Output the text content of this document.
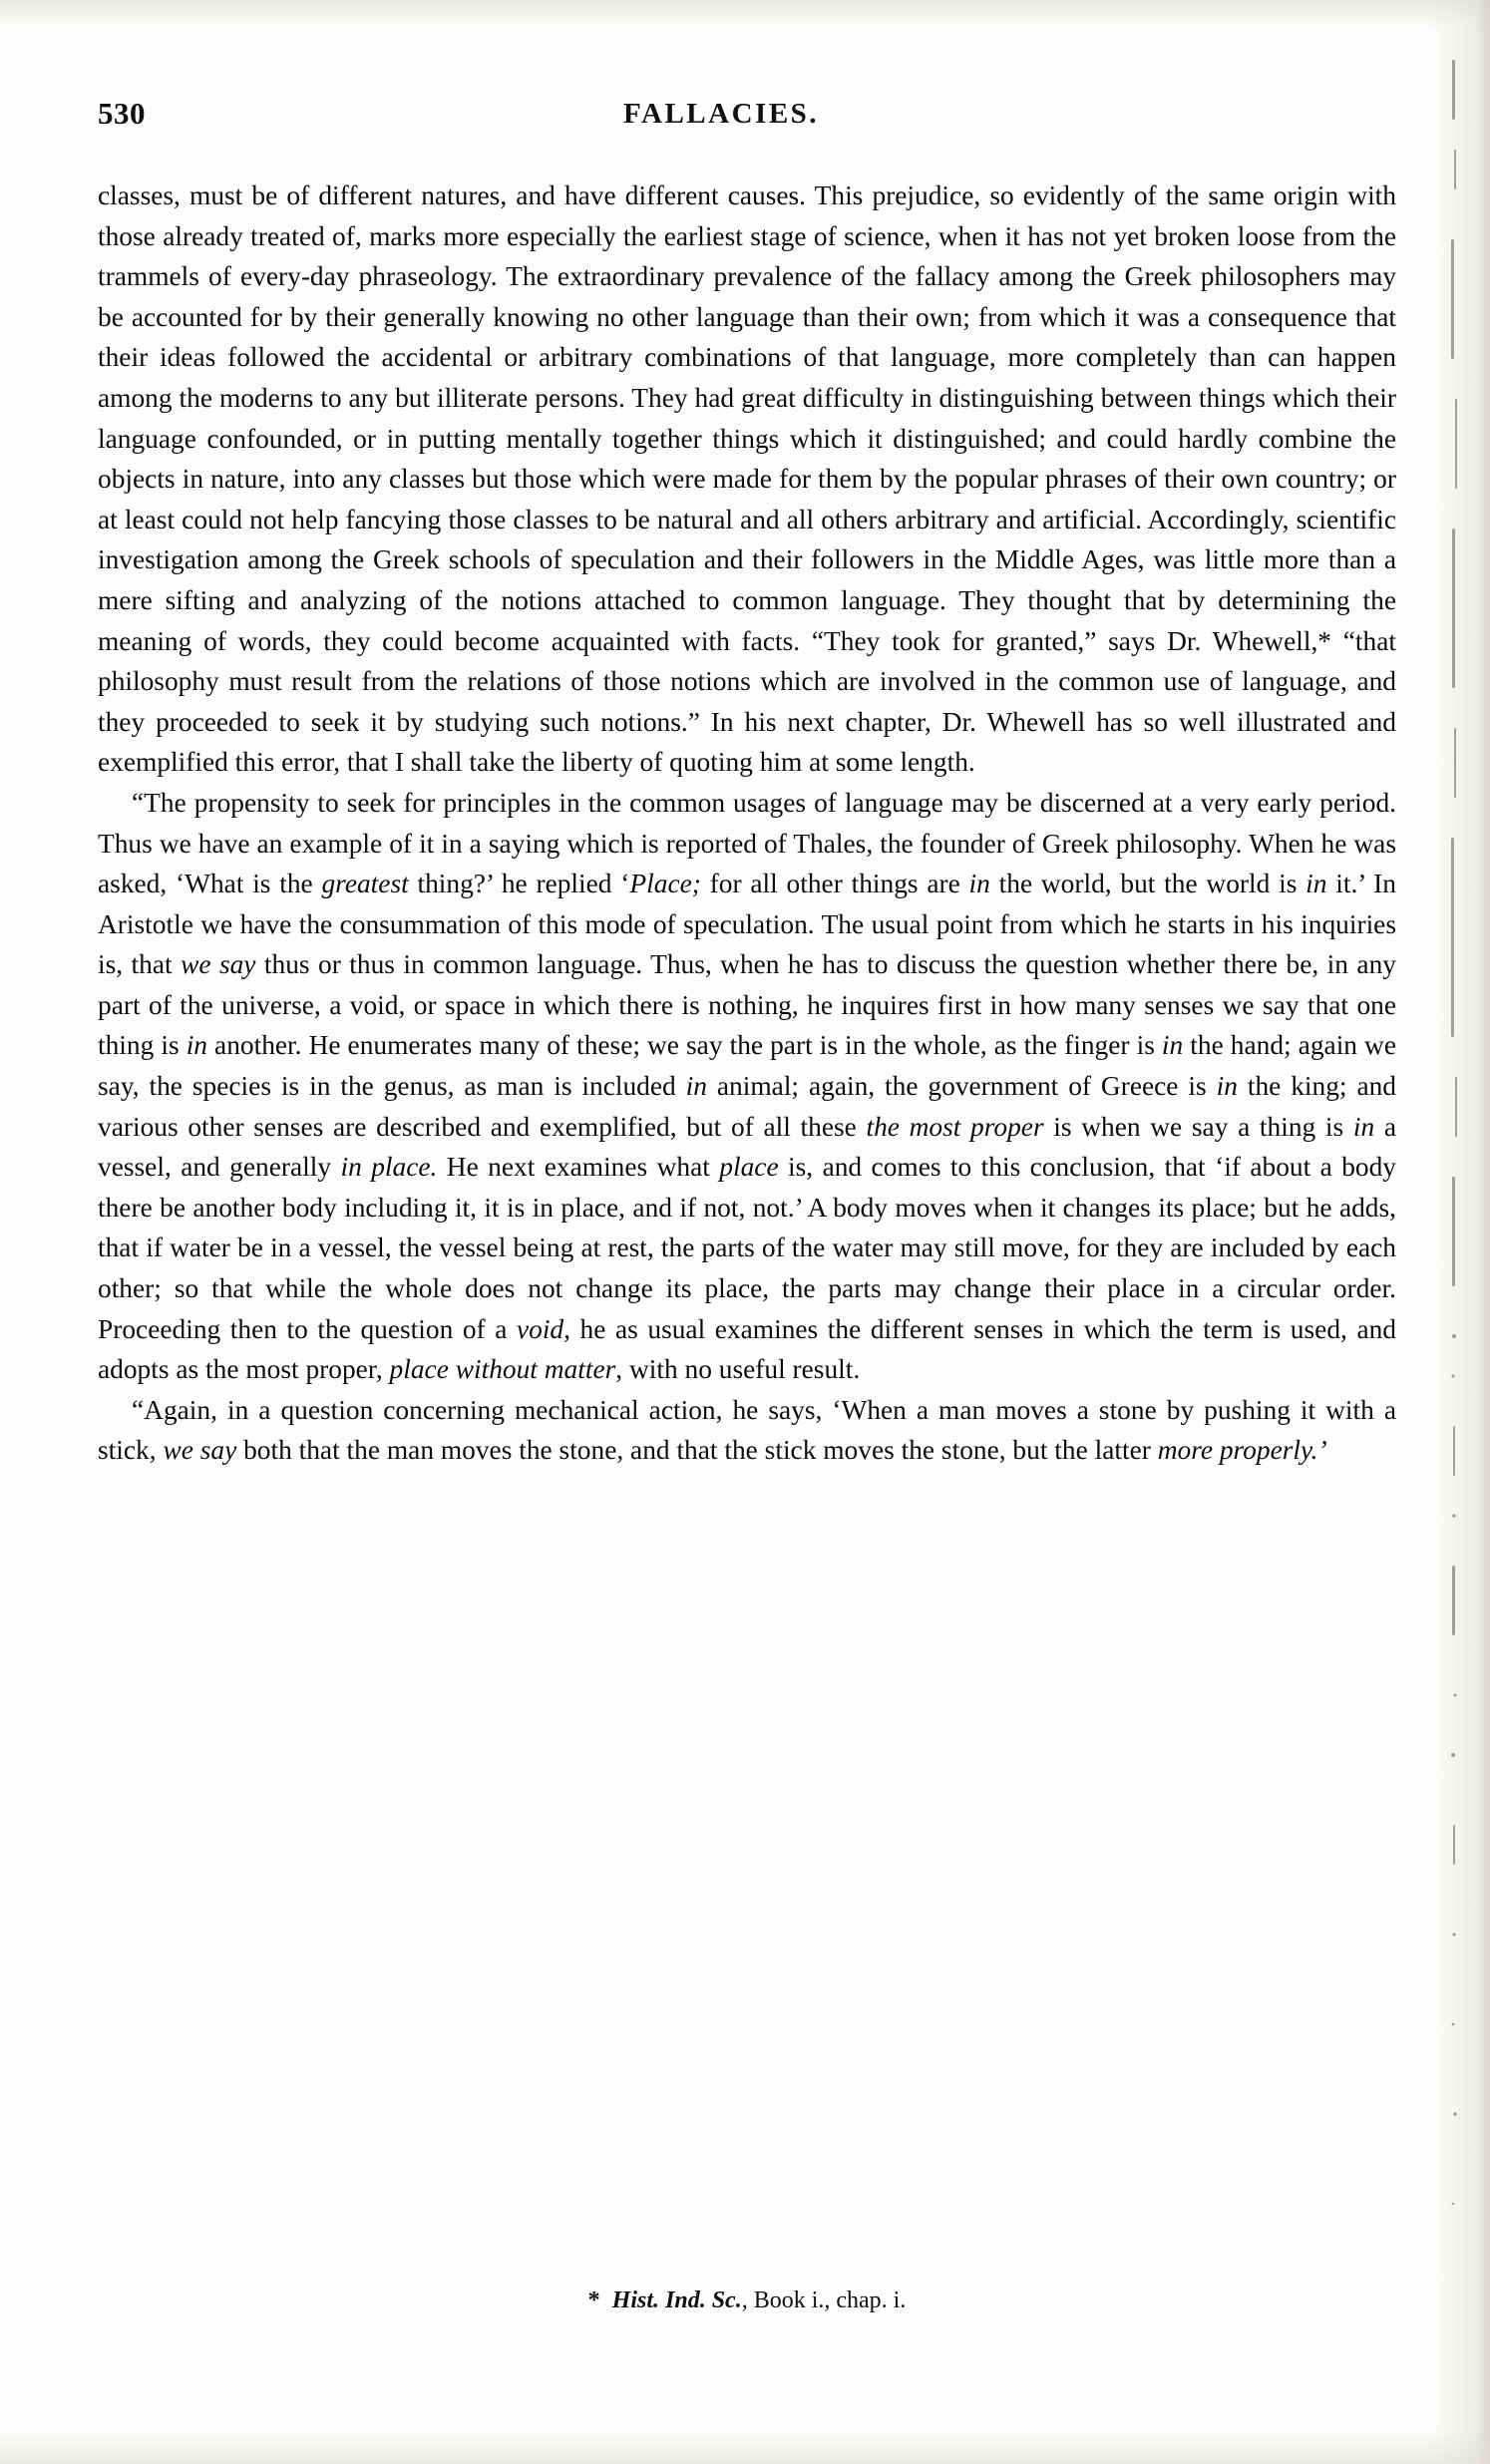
530	FALLACIES.

classes, must be of different natures, and have different causes. This prejudice, so evidently of the same origin with those already treated of, marks more especially the earliest stage of science, when it has not yet broken loose from the trammels of every-day phraseology. The extraordinary prevalence of the fallacy among the Greek philosophers may be accounted for by their generally knowing no other language than their own; from which it was a consequence that their ideas followed the accidental or arbitrary combinations of that language, more completely than can happen among the moderns to any but illiterate persons. They had great difficulty in distinguishing between things which their language confounded, or in putting mentally together things which it distinguished; and could hardly combine the objects in nature, into any classes but those which were made for them by the popular phrases of their own country; or at least could not help fancying those classes to be natural and all others arbitrary and artificial. Accordingly, scientific investigation among the Greek schools of speculation and their followers in the Middle Ages, was little more than a mere sifting and analyzing of the notions attached to common language. They thought that by determining the meaning of words, they could become acquainted with facts. “They took for granted,” says Dr. Whewell,* “that philosophy must result from the relations of those notions which are involved in the common use of language, and they proceeded to seek it by studying such notions.” In his next chapter, Dr. Whewell has so well illustrated and exemplified this error, that I shall take the liberty of quoting him at some length.

“The propensity to seek for principles in the common usages of language may be discerned at a very early period. Thus we have an example of it in a saying which is reported of Thales, the founder of Greek philosophy. When he was asked, ‘What is the greatest thing?’ he replied ‘Place; for all other things are in the world, but the world is in it.’ In Aristotle we have the consummation of this mode of speculation. The usual point from which he starts in his inquiries is, that we say thus or thus in common language. Thus, when he has to discuss the question whether there be, in any part of the universe, a void, or space in which there is nothing, he inquires first in how many senses we say that one thing is in another. He enumerates many of these; we say the part is in the whole, as the finger is in the hand; again we say, the species is in the genus, as man is included in animal; again, the government of Greece is in the king; and various other senses are described and exemplified, but of all these the most proper is when we say a thing is in a vessel, and generally in place. He next examines what place is, and comes to this conclusion, that ‘if about a body there be another body including it, it is in place, and if not, not.’ A body moves when it changes its place; but he adds, that if water be in a vessel, the vessel being at rest, the parts of the water may still move, for they are included by each other; so that while the whole does not change its place, the parts may change their place in a circular order. Proceeding then to the question of a void, he as usual examines the different senses in which the term is used, and adopts as the most proper, place without matter, with no useful result.

“Again, in a question concerning mechanical action, he says, ‘When a man moves a stone by pushing it with a stick, we say both that the man moves the stone, and that the stick moves the stone, but the latter more properly.’

* Hist. Ind. Sc., Book i., chap. i.
